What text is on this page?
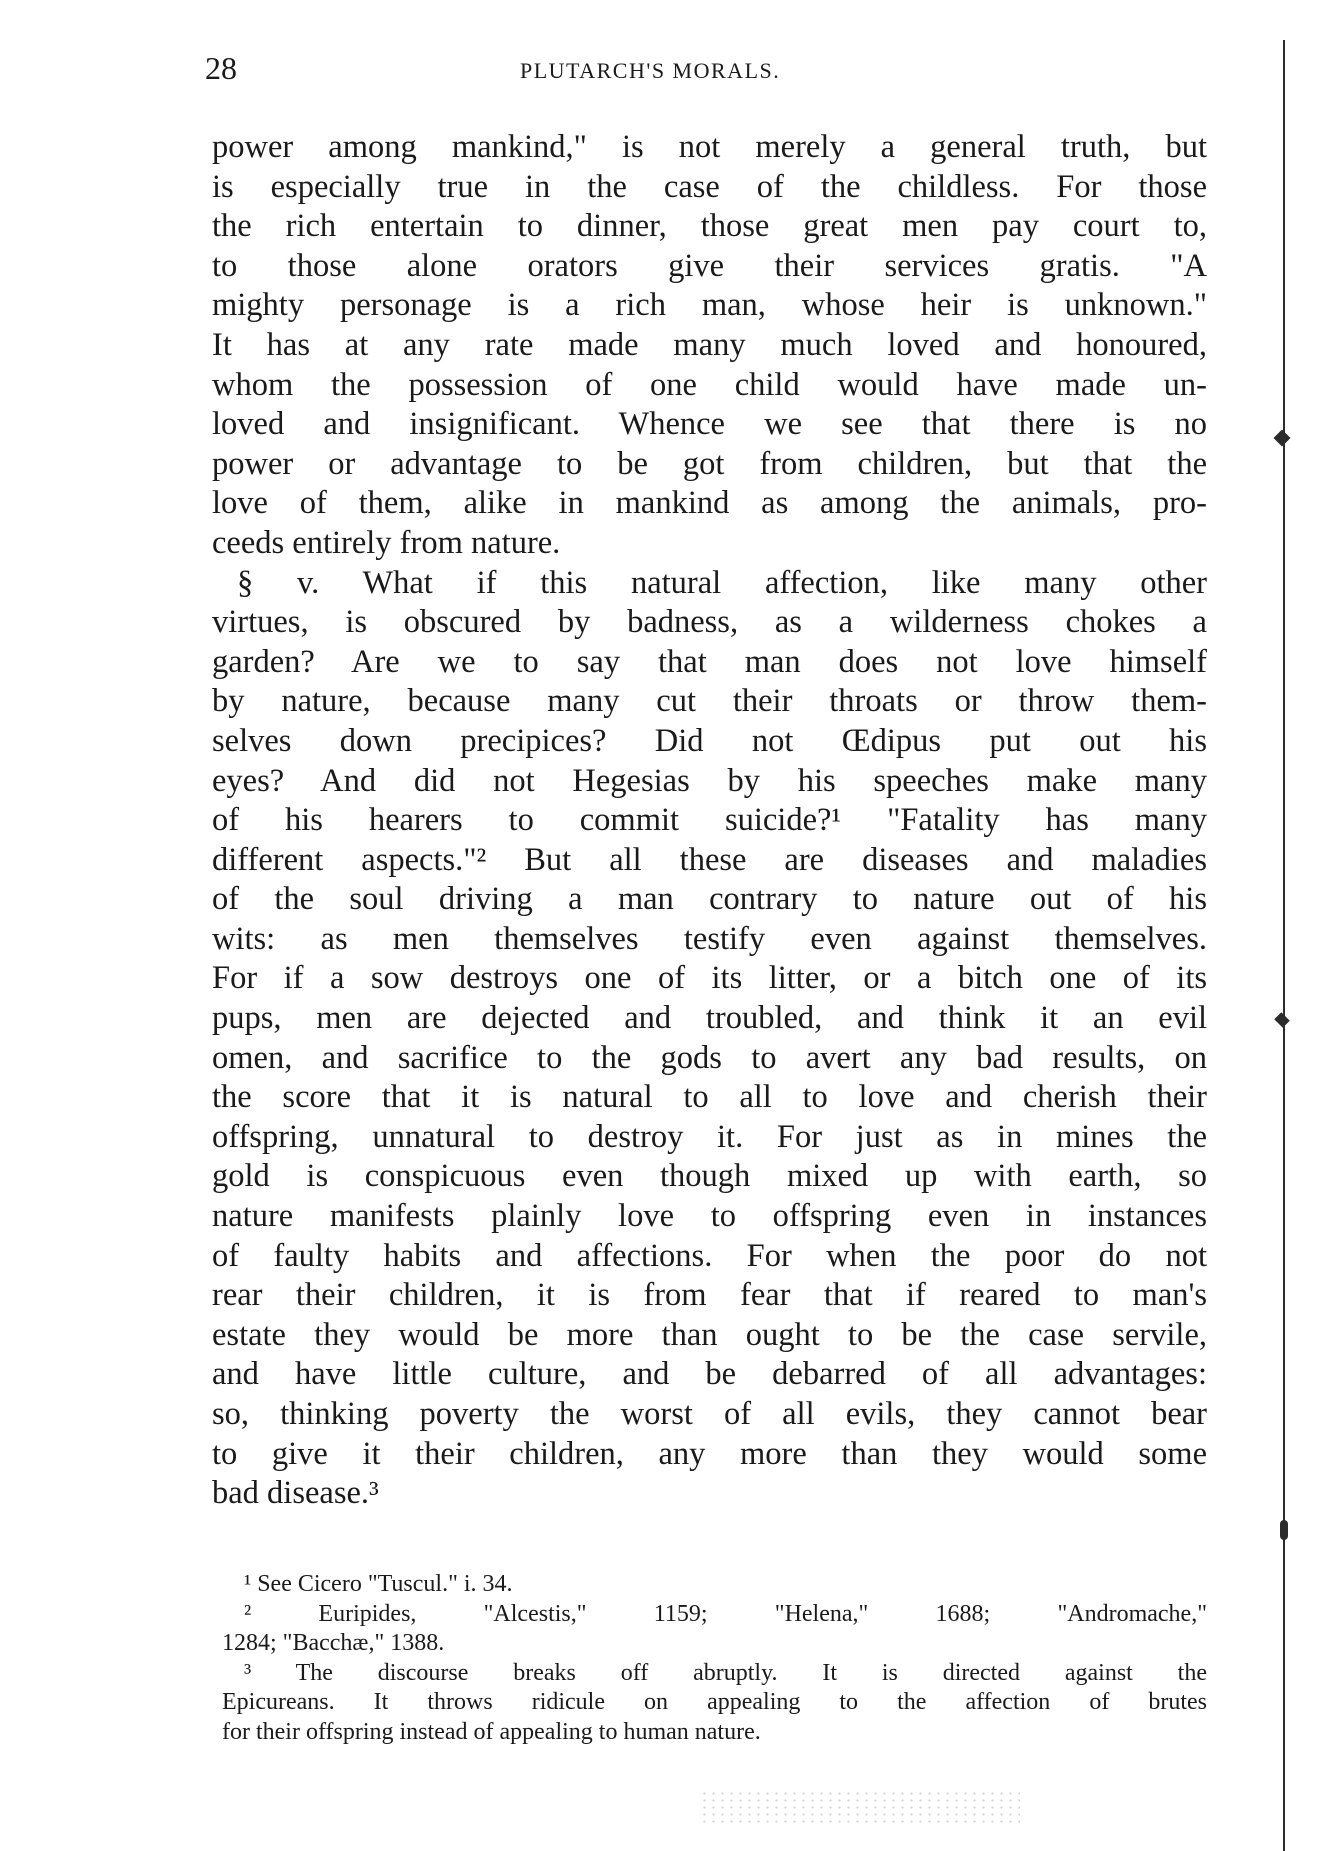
28	PLUTARCH'S MORALS.
power among mankind," is not merely a general truth, but
is especially true in the case of the childless. For those
the rich entertain to dinner, those great men pay court to,
to those alone orators give their services gratis. "A
mighty personage is a rich man, whose heir is unknown."
It has at any rate made many much loved and honoured,
whom the possession of one child would have made un-
loved and insignificant. Whence we see that there is no
power or advantage to be got from children, but that the
love of them, alike in mankind as among the animals, pro-
ceeds entirely from nature.
§ v. What if this natural affection, like many other
virtues, is obscured by badness, as a wilderness chokes a
garden? Are we to say that man does not love himself
by nature, because many cut their throats or throw them-
selves down precipices? Did not Œdipus put out his
eyes? And did not Hegesias by his speeches make many
of his hearers to commit suicide?¹ "Fatality has many
different aspects."² But all these are diseases and maladies
of the soul driving a man contrary to nature out of his
wits: as men themselves testify even against themselves.
For if a sow destroys one of its litter, or a bitch one of its
pups, men are dejected and troubled, and think it an evil
omen, and sacrifice to the gods to avert any bad results, on
the score that it is natural to all to love and cherish their
offspring, unnatural to destroy it. For just as in mines the
gold is conspicuous even though mixed up with earth, so
nature manifests plainly love to offspring even in instances
of faulty habits and affections. For when the poor do not
rear their children, it is from fear that if reared to man's
estate they would be more than ought to be the case servile,
and have little culture, and be debarred of all advantages:
so, thinking poverty the worst of all evils, they cannot bear
to give it their children, any more than they would some
bad disease.³
¹ See Cicero "Tuscul." i. 34.
² Euripides, "Alcestis," 1159; "Helena," 1688; "Andromache,"
1284; "Bacchæ," 1388.
³ The discourse breaks off abruptly. It is directed against the
Epicureans. It throws ridicule on appealing to the affection of brutes
for their offspring instead of appealing to human nature.
